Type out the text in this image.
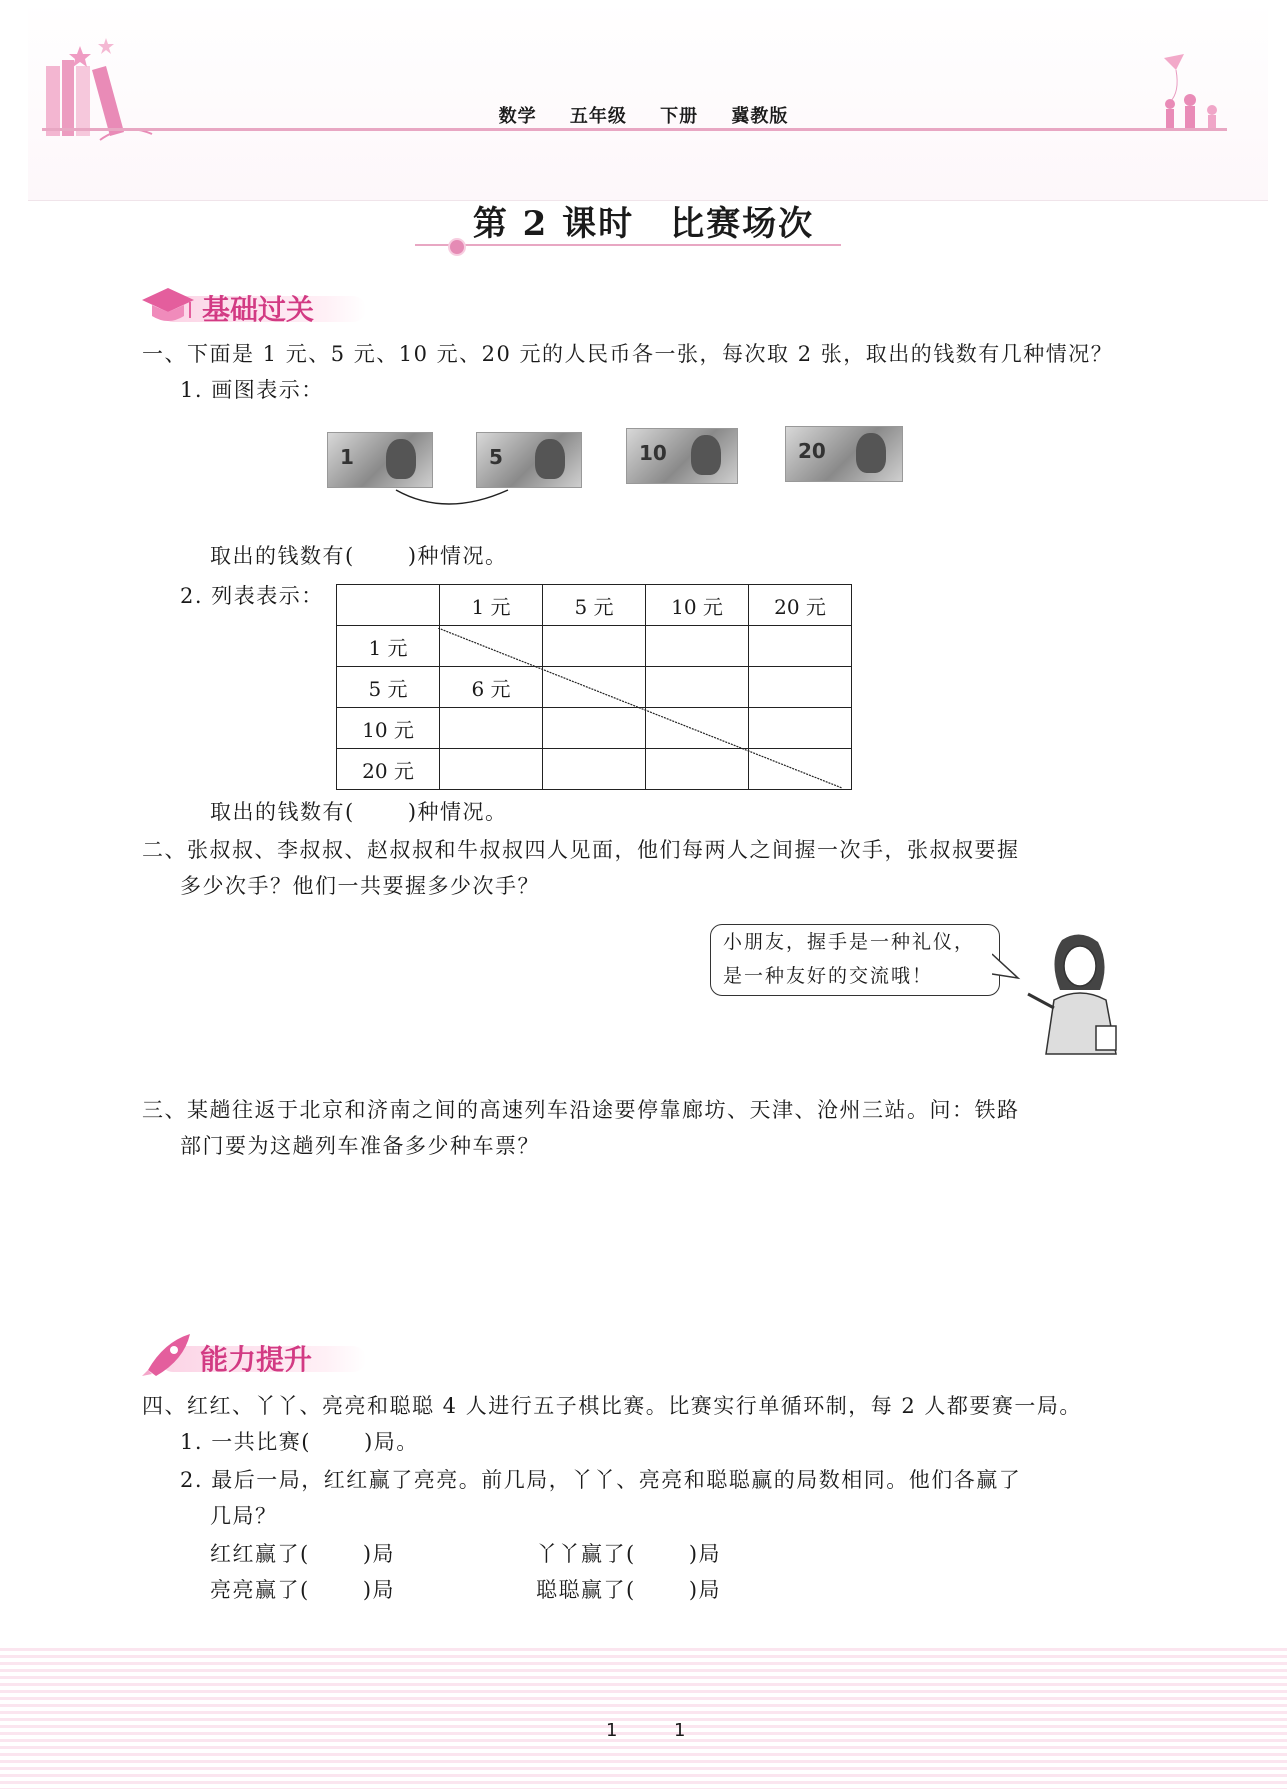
数学 五年级 下册 冀教版
第 2 课时　比赛场次
基础过关
一、下面是 1 元、5 元、10 元、20 元的人民币各一张，每次取 2 张，取出的钱数有几种情况？
1. 画图表示：
1	5	10	20
取出的钱数有(　　 )种情况。
2. 列表表示：
		1 元	5 元	10 元	20 元
1 元				
5 元	6 元			
10 元				
20 元				
取出的钱数有(　　 )种情况。
二、张叔叔、李叔叔、赵叔叔和牛叔叔四人见面，他们每两人之间握一次手，张叔叔要握
多少次手？他们一共要握多少次手？
小朋友，握手是一种礼仪，
是一种友好的交流哦！
三、某趟往返于北京和济南之间的高速列车沿途要停靠廊坊、天津、沧州三站。问：铁路
部门要为这趟列车准备多少种车票？
能力提升
四、红红、丫丫、亮亮和聪聪 4 人进行五子棋比赛。比赛实行单循环制，每 2 人都要赛一局。
1. 一共比赛(　　 )局。
2. 最后一局，红红赢了亮亮。前几局，丫丫、亮亮和聪聪赢的局数相同。他们各赢了
几局？
红红赢了(　　 )局	丫丫赢了(　　 )局
亮亮赢了(　　 )局	聪聪赢了(　　 )局
1	1
